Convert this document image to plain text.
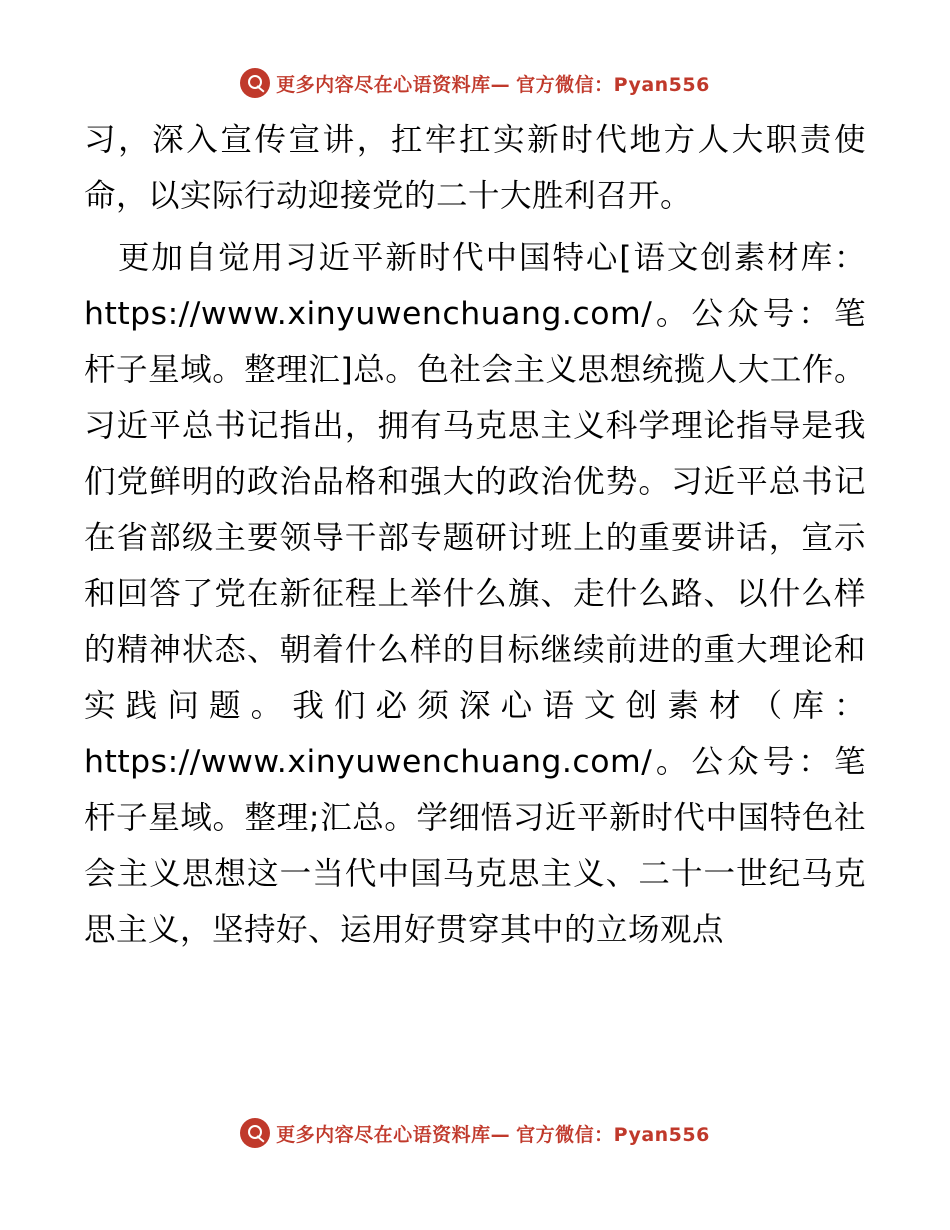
更多内容尽在心语资料库— 官方微信：Pyan556

习，深入宣传宣讲，扛牢扛实新时代地方人大职责使命，以实际行动迎接党的二十大胜利召开。

更加自觉用习近平新时代中国特心[语文创素材库：https://www.xinyuwenchuang.com/。公众号：笔杆子星域。整理汇]总。色社会主义思想统揽人大工作。习近平总书记指出，拥有马克思主义科学理论指导是我们党鲜明的政治品格和强大的政治优势。习近平总书记在省部级主要领导干部专题研讨班上的重要讲话，宣示和回答了党在新征程上举什么旗、走什么路、以什么样的精神状态、朝着什么样的目标继续前进的重大理论和实践问题。我们必须深心语文创素材（库：https://www.xinyuwenchuang.com/。公众号：笔杆子星域。整理;汇总。学细悟习近平新时代中国特色社会主义思想这一当代中国马克思主义、二十一世纪马克思主义，坚持好、运用好贯穿其中的立场观点

更多内容尽在心语资料库— 官方微信：Pyan556
